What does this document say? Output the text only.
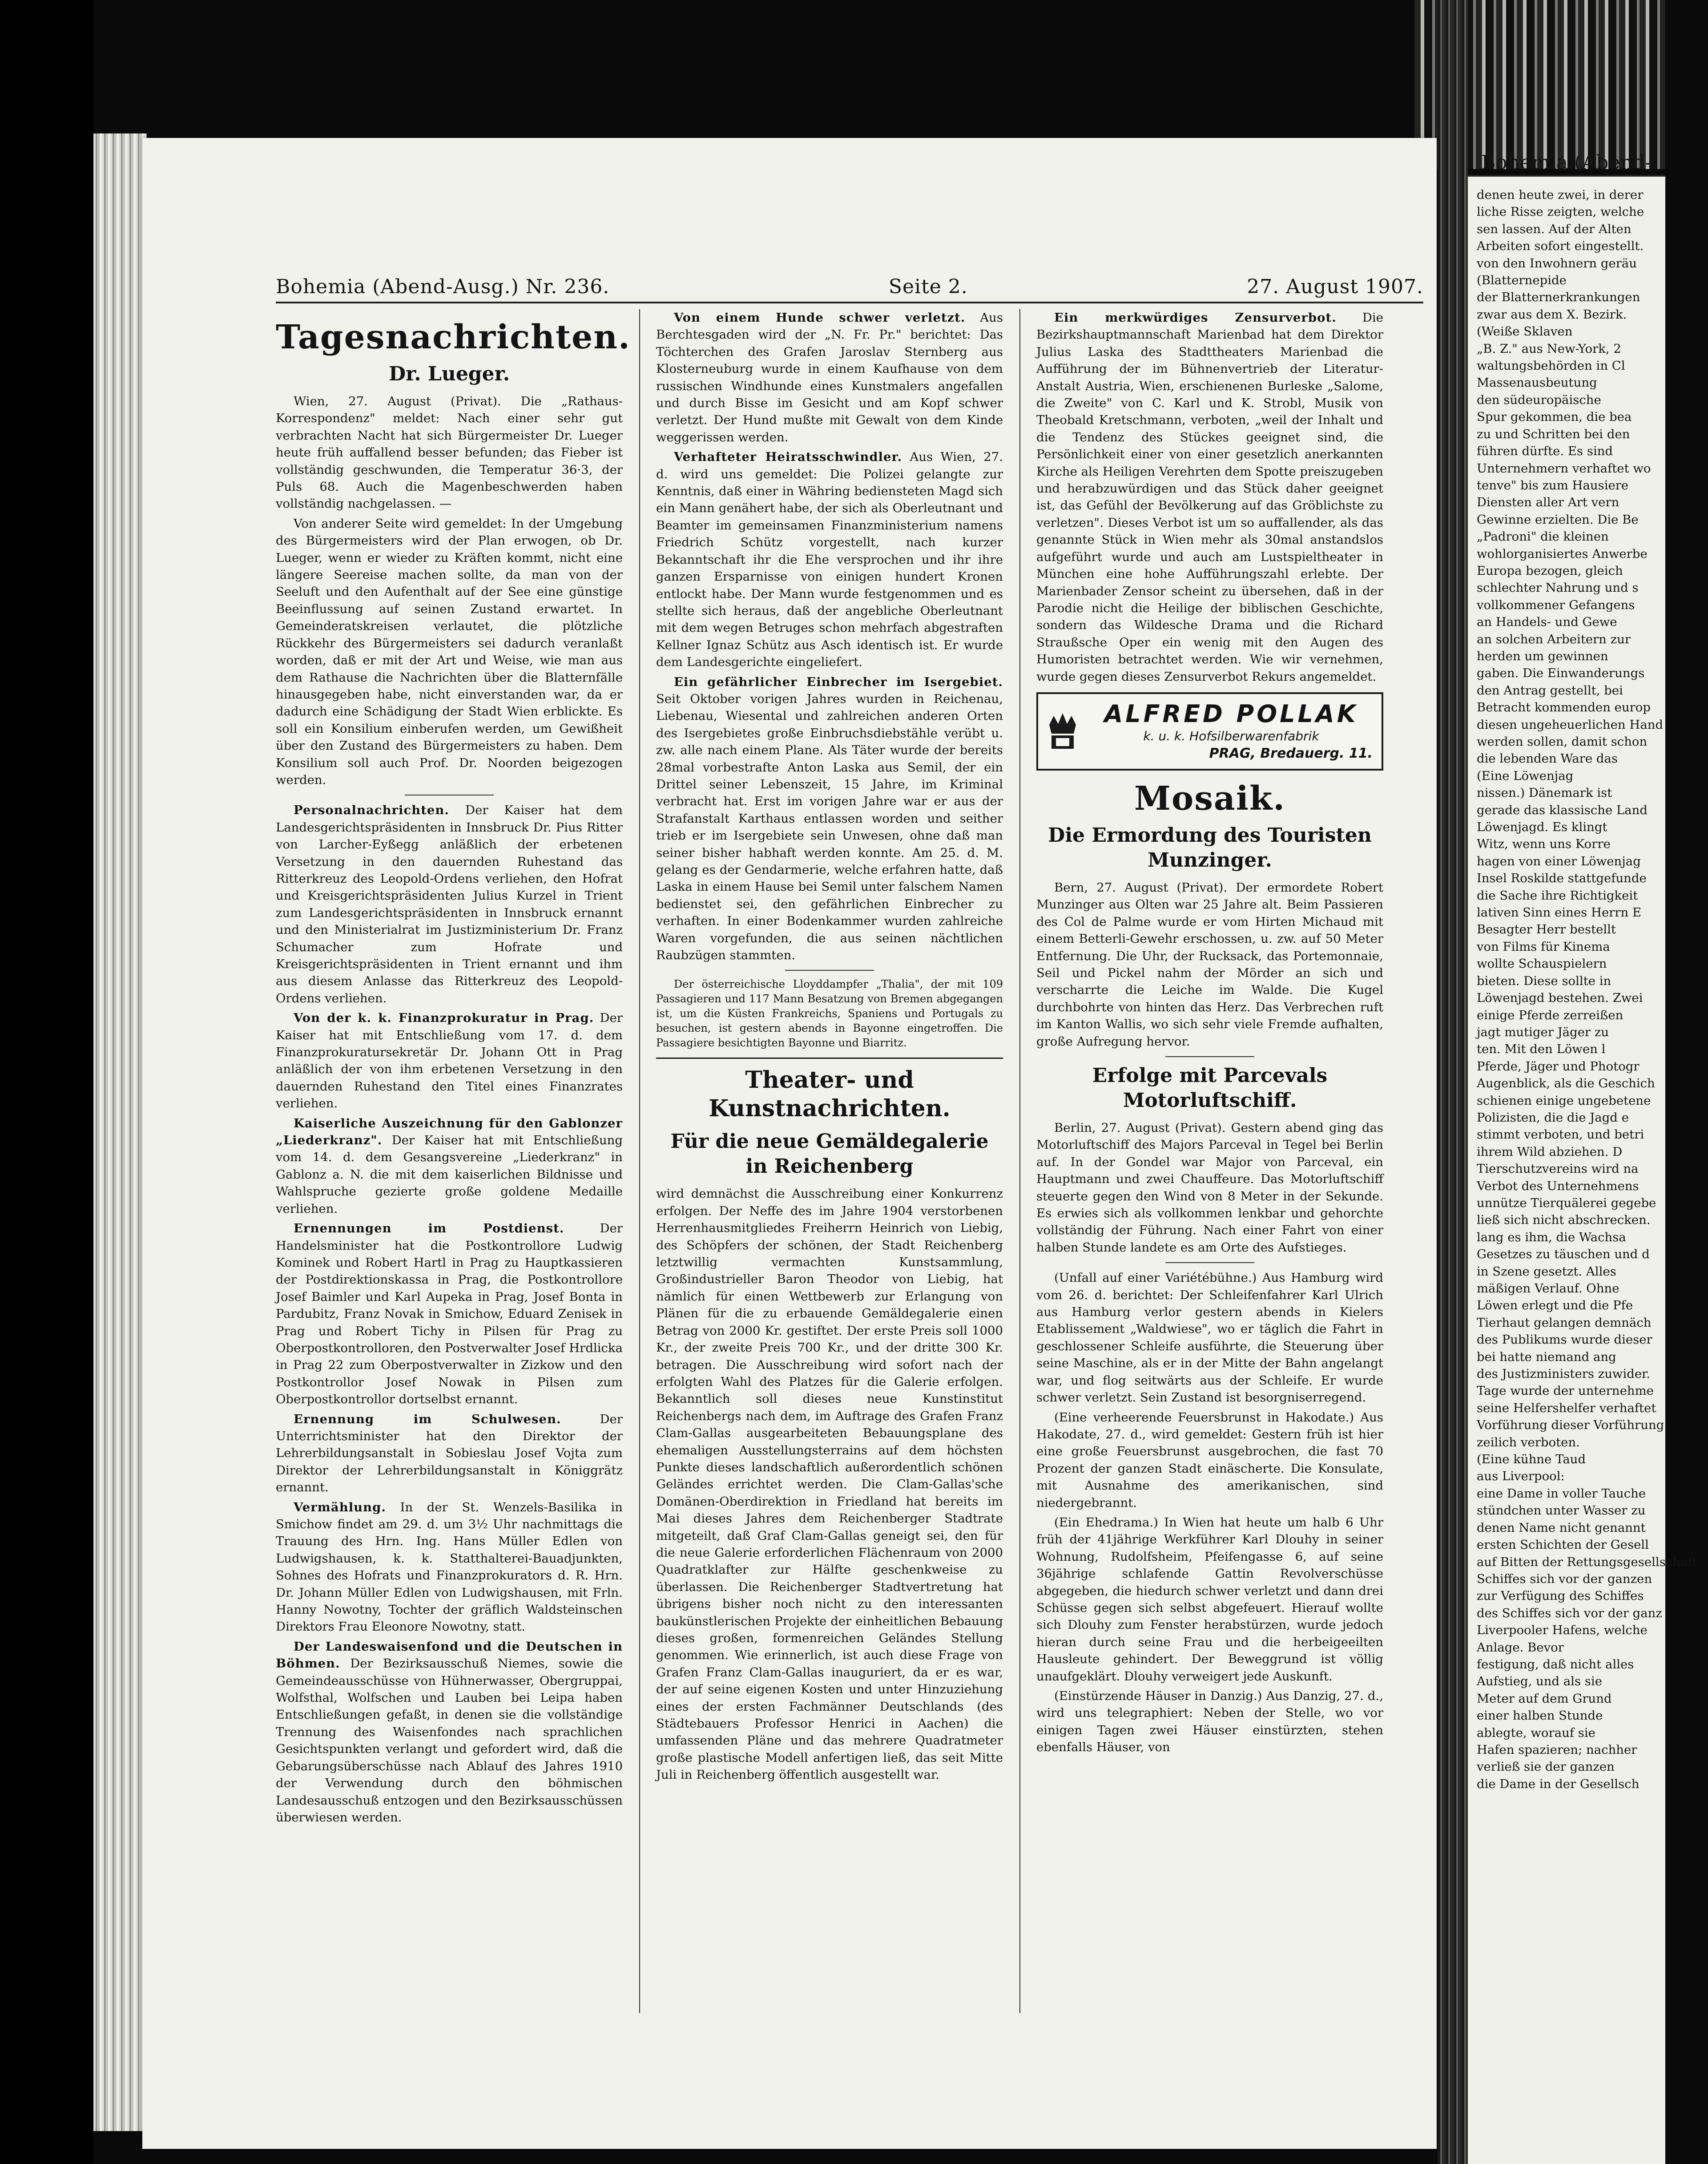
denen heute zwei, in derer
liche Risse zeigten, welche
sen lassen. Auf der Alten
Arbeiten sofort eingestellt.
von den Inwohnern geräu
(Blatternepide
der Blatternerkrankungen
zwar aus dem X. Bezirk.
(Weiße Sklaven
„B. Z." aus New-York, 2
waltungsbehörden in Cl
Massenausbeutung
den südeuropäische
Spur gekommen, die bea
zu und Schritten bei den
führen dürfte. Es sind
Unternehmern verhaftet wo
tenve" bis zum Hausiere
Diensten aller Art vern
Gewinne erzielten. Die Be
„Padroni" die kleinen
wohlorganisiertes Anwerbe
Europa bezogen, gleich
schlechter Nahrung und s
vollkommener Gefangens
an Handels- und Gewe
an solchen Arbeitern zur
herden um gewinnen
gaben. Die Einwanderungs
den Antrag gestellt, bei
Betracht kommenden europ
diesen ungeheuerlichen Hand
werden sollen, damit schon
die lebenden Ware das
(Eine Löwenjag
nissen.) Dänemark ist
gerade das klassische Land
Löwenjagd. Es klingt
Witz, wenn uns Korre
hagen von einer Löwenjag
Insel Roskilde stattgefunde
die Sache ihre Richtigkeit
lativen Sinn eines Herrn E
Besagter Herr bestellt
von Films für Kinema
wollte Schauspielern
bieten. Diese sollte in
Löwenjagd bestehen. Zwei
einige Pferde zerreißen
jagt mutiger Jäger zu
ten. Mit den Löwen l
Pferde, Jäger und Photogr
Augenblick, als die Geschich
schienen einige ungebetene
Polizisten, die die Jagd e
stimmt verboten, und betri
ihrem Wild abziehen. D
Tierschutzvereins wird na
Verbot des Unternehmens
unnütze Tierquälerei gegebe
ließ sich nicht abschrecken.
lang es ihm, die Wachsa
Gesetzes zu täuschen und d
in Szene gesetzt. Alles
mäßigen Verlauf. Ohne
Löwen erlegt und die Pfe
Tierhaut gelangen demnäch
des Publikums wurde dieser
bei hatte niemand ang
des Justizministers zuwider.
Tage wurde der unternehme
seine Helfershelfer verhaftet
Vorführung dieser Vorführung
zeilich verboten.
(Eine kühne Taud
aus Liverpool:
eine Dame in voller Tauche
stündchen unter Wasser zu
denen Name nicht genannt
ersten Schichten der Gesell
auf Bitten der Rettungsgesellschaft
Schiffes sich vor der ganzen
zur Verfügung des Schiffes
des Schiffes sich vor der ganz
Liverpooler Hafens, welche
Anlage. Bevor
festigung, daß nicht alles
Aufstieg, und als sie
Meter auf dem Grund
einer halben Stunde
ablegte, worauf sie
Hafen spazieren; nachher
verließ sie der ganzen
die Dame in der Gesellsch
Bohemia (Abend-
Bohemia (Abend-Ausg.) Nr. 236.	Seite 2.	27. August 1907.
Tagesnachrichten.
Dr. Lueger.

Wien, 27. August (Privat). Die „Rathaus-Korrespondenz" meldet: Nach einer sehr gut verbrachten Nacht hat sich Bürgermeister Dr. Lueger heute früh auffallend besser befunden; das Fieber ist vollständig geschwunden, die Temperatur 36·3, der Puls 68. Auch die Magenbeschwerden haben vollständig nachgelassen. —

Von anderer Seite wird gemeldet: In der Umgebung des Bürgermeisters wird der Plan erwogen, ob Dr. Lueger, wenn er wieder zu Kräften kommt, nicht eine längere Seereise machen sollte, da man von der Seeluft und den Aufenthalt auf der See eine günstige Beeinflussung auf seinen Zustand erwartet. In Gemeinderatskreisen verlautet, die plötzliche Rückkehr des Bürgermeisters sei dadurch veranlaßt worden, daß er mit der Art und Weise, wie man aus dem Rathause die Nachrichten über die Blatternfälle hinausgegeben habe, nicht einverstanden war, da er dadurch eine Schädigung der Stadt Wien erblickte. Es soll ein Konsilium einberufen werden, um Gewißheit über den Zustand des Bürgermeisters zu haben. Dem Konsilium soll auch Prof. Dr. Noorden beigezogen werden.

Personalnachrichten. Der Kaiser hat dem Landesgerichtspräsidenten in Innsbruck Dr. Pius Ritter von Larcher-Eyßegg anläßlich der erbetenen Versetzung in den dauernden Ruhestand das Ritterkreuz des Leopold-Ordens verliehen, den Hofrat und Kreisgerichtspräsidenten Julius Kurzel in Trient zum Landesgerichtspräsidenten in Innsbruck ernannt und den Ministerialrat im Justizministerium Dr. Franz Schumacher zum Hofrate und Kreisgerichtspräsidenten in Trient ernannt und ihm aus diesem Anlasse das Ritterkreuz des Leopold-Ordens verliehen.

Von der k. k. Finanzprokuratur in Prag. Der Kaiser hat mit Entschließung vom 17. d. dem Finanzprokuratursekretär Dr. Johann Ott in Prag anläßlich der von ihm erbetenen Versetzung in den dauernden Ruhestand den Titel eines Finanzrates verliehen.

Kaiserliche Auszeichnung für den Gablonzer „Liederkranz". Der Kaiser hat mit Entschließung vom 14. d. dem Gesangsvereine „Liederkranz" in Gablonz a. N. die mit dem kaiserlichen Bildnisse und Wahlspruche gezierte große goldene Medaille verliehen.

Ernennungen im Postdienst.	Der Handelsminister hat die Postkontrollore Ludwig Kominek und Robert Hartl in Prag zu Hauptkassieren der Postdirektionskassa in Prag, die Postkontrollore Josef Baimler und Karl Aupeka in Prag, Josef Bonta in Pardubitz, Franz Novak in Smichow, Eduard Zenisek in Prag und Robert Tichy in Pilsen für Prag zu Oberpostkontrolloren, den Postverwalter Josef Hrdlicka in Prag 22 zum Oberpostverwalter in Zizkow und den Postkontrollor Josef Nowak in Pilsen zum Oberpostkontrollor dortselbst ernannt.

Ernennung im Schulwesen.	Der Unterrichtsminister hat den Direktor der Lehrerbildungsanstalt in Sobieslau Josef Vojta zum Direktor der Lehrerbildungsanstalt in Königgrätz ernannt.

Vermählung. In der St. Wenzels-Basilika in Smichow findet am 29. d. um 3½ Uhr nachmittags die Trauung des Hrn. Ing. Hans Müller Edlen von Ludwigshausen, k. k. Statthalterei-Bauadjunkten, Sohnes des Hofrats und Finanzprokurators d. R. Hrn. Dr. Johann Müller Edlen von Ludwigshausen, mit Frln. Hanny Nowotny, Tochter der gräflich Waldsteinschen Direktors Frau Eleonore Nowotny, statt.

Der Landeswaisenfond und die Deutschen in Böhmen. Der Bezirksausschuß Niemes, sowie die Gemeindeausschüsse von Hühnerwasser, Obergruppai, Wolfsthal, Wolfschen und Lauben bei Leipa haben Entschließungen gefaßt, in denen sie die vollständige Trennung des Waisenfondes nach sprachlichen Gesichtspunkten verlangt und gefordert wird, daß die Gebarungsüberschüsse nach Ablauf des Jahres 1910 der Verwendung durch den böhmischen Landesausschuß entzogen und den Bezirksausschüssen überwiesen werden.

Von einem Hunde schwer verletzt. Aus Berchtesgaden wird der „N. Fr. Pr." berichtet: Das Töchterchen des Grafen Jaroslav Sternberg aus Klosterneuburg wurde in einem Kaufhause von dem russischen Windhunde eines Kunstmalers angefallen und durch Bisse im Gesicht und am Kopf schwer verletzt. Der Hund mußte mit Gewalt von dem Kinde weggerissen werden.

Verhafteter Heiratsschwindler. Aus Wien, 27. d. wird uns gemeldet: Die Polizei gelangte zur Kenntnis, daß einer in Währing bediensteten Magd sich ein Mann genähert habe, der sich als Oberleutnant und Beamter im gemeinsamen Finanzministerium namens Friedrich Schütz vorgestellt, nach kurzer Bekanntschaft ihr die Ehe versprochen und ihr ihre ganzen Ersparnisse von einigen hundert Kronen entlockt habe. Der Mann wurde festgenommen und es stellte sich heraus, daß der angebliche Oberleutnant mit dem wegen Betruges schon mehrfach abgestraften Kellner Ignaz Schütz aus Asch identisch ist. Er wurde dem Landesgerichte eingeliefert.

Ein gefährlicher Einbrecher im Isergebiet. Seit Oktober vorigen Jahres wurden in Reichenau, Liebenau, Wiesental und zahlreichen anderen Orten des Isergebietes große Einbruchsdiebstähle verübt u. zw. alle nach einem Plane. Als Täter wurde der bereits 28mal vorbestrafte Anton Laska aus Semil, der ein Drittel seiner Lebenszeit, 15 Jahre, im Kriminal verbracht hat. Erst im vorigen Jahre war er aus der Strafanstalt Karthaus entlassen worden und seither trieb er im Isergebiete sein Unwesen, ohne daß man seiner bisher habhaft werden konnte. Am 25. d. M. gelang es der Gendarmerie, welche erfahren hatte, daß Laska in einem Hause bei Semil unter falschem Namen bedienstet sei, den gefährlichen Einbrecher zu verhaften. In einer Bodenkammer wurden zahlreiche Waren vorgefunden, die aus seinen nächtlichen Raubzügen stammten.

Der österreichische Lloyddampfer „Thalia", der mit 109 Passagieren und 117 Mann Besatzung von Bremen abgegangen ist, um die Küsten Frankreichs, Spaniens und Portugals zu besuchen, ist gestern abends in Bayonne eingetroffen. Die Passagiere besichtigten Bayonne und Biarritz.

Theater- und Kunstnachrichten.
Für die neue Gemäldegalerie
in Reichenberg

wird demnächst die Ausschreibung einer Konkurrenz erfolgen. Der Neffe des im Jahre 1904 verstorbenen Herrenhausmitgliedes Freiherrn Heinrich von Liebig, des Schöpfers der schönen, der Stadt Reichenberg letztwillig vermachten Kunstsammlung, Großindustrieller Baron Theodor von Liebig, hat nämlich für einen Wettbewerb zur Erlangung von Plänen für die zu erbauende Gemäldegalerie einen Betrag von 2000 Kr. gestiftet. Der erste Preis soll 1000 Kr., der zweite Preis 700 Kr., und der dritte 300 Kr. betragen. Die Ausschreibung wird sofort nach der erfolgten Wahl des Platzes für die Galerie erfolgen. Bekanntlich soll dieses neue Kunstinstitut Reichenbergs nach dem, im Auftrage des Grafen Franz Clam-Gallas ausgearbeiteten Bebauungsplane des ehemaligen Ausstellungsterrains auf dem höchsten Punkte dieses landschaftlich außerordentlich schönen Geländes errichtet werden. Die Clam-Gallas'sche Domänen-Oberdirektion in Friedland hat bereits im Mai dieses Jahres dem Reichenberger Stadtrate mitgeteilt, daß Graf Clam-Gallas geneigt sei, den für die neue Galerie erforderlichen Flächenraum von 2000 Quadratklafter zur Hälfte geschenkweise zu überlassen. Die Reichenberger Stadtvertretung hat übrigens bisher noch nicht zu den interessanten baukünstlerischen Projekte der einheitlichen Bebauung dieses großen, formenreichen Geländes Stellung genommen. Wie erinnerlich, ist auch diese Frage von Grafen Franz Clam-Gallas inauguriert, da er es war, der auf seine eigenen Kosten und unter Hinzuziehung eines der ersten Fachmänner Deutschlands (des Städtebauers Professor Henrici in Aachen) die umfassenden Pläne und das mehrere Quadratmeter große plastische Modell anfertigen ließ, das seit Mitte Juli in Reichenberg öffentlich ausgestellt war.

Ein merkwürdiges Zensurverbot. Die Bezirkshauptmannschaft Marienbad hat dem Direktor Julius Laska des Stadttheaters Marienbad die Aufführung der im Bühnenvertrieb der Literatur-Anstalt Austria, Wien, erschienenen Burleske „Salome, die Zweite" von C. Karl und K. Strobl, Musik von Theobald Kretschmann, verboten, „weil der Inhalt und die Tendenz des Stückes geeignet sind, die Persönlichkeit einer von einer gesetzlich anerkannten Kirche als Heiligen Verehrten dem Spotte preiszugeben und herabzuwürdigen und das Stück daher geeignet ist, das Gefühl der Bevölkerung auf das Gröblichste zu verletzen". Dieses Verbot ist um so auffallender, als das genannte Stück in Wien mehr als 30mal anstandslos aufgeführt wurde und auch am Lustspieltheater in München eine hohe Aufführungszahl erlebte. Der Marienbader Zensor scheint zu übersehen, daß in der Parodie nicht die Heilige der biblischen Geschichte, sondern das Wildesche Drama und die Richard Straußsche Oper ein wenig mit den Augen des Humoristen betrachtet werden. Wie wir vernehmen, wurde gegen dieses Zensurverbot Rekurs angemeldet.

ALFRED POLLAK
k. u. k. Hofsilberwarenfabrik
PRAG, Bredauerg. 11.
Mosaik.
Die Ermordung des Touristen Munzinger.

Bern, 27. August (Privat). Der ermordete Robert Munzinger aus Olten war 25 Jahre alt. Beim Passieren des Col de Palme wurde er vom Hirten Michaud mit einem Betterli-Gewehr erschossen, u. zw. auf 50 Meter Entfernung. Die Uhr, der Rucksack, das Portemonnaie, Seil und Pickel nahm der Mörder an sich und verscharrte die Leiche im Walde. Die Kugel durchbohrte von hinten das Herz. Das Verbrechen ruft im Kanton Wallis, wo sich sehr viele Fremde aufhalten, große Aufregung hervor.

Erfolge mit Parcevals Motorluftschiff.

Berlin, 27. August (Privat). Gestern abend ging das Motorluftschiff des Majors Parceval in Tegel bei Berlin auf. In der Gondel war Major von Parceval, ein Hauptmann und zwei Chauffeure. Das Motorluftschiff steuerte gegen den Wind von 8 Meter in der Sekunde. Es erwies sich als vollkommen lenkbar und gehorchte vollständig der Führung. Nach einer Fahrt von einer halben Stunde landete es am Orte des Aufstieges.

(Unfall auf einer Variétébühne.) Aus Hamburg wird vom 26. d. berichtet: Der Schleifenfahrer Karl Ulrich aus Hamburg verlor gestern abends in Kielers Etablissement „Waldwiese", wo er täglich die Fahrt in geschlossener Schleife ausführte, die Steuerung über seine Maschine, als er in der Mitte der Bahn angelangt war, und flog seitwärts aus der Schleife. Er wurde schwer verletzt. Sein Zustand ist besorgniserregend.

(Eine verheerende Feuersbrunst in Hakodate.) Aus Hakodate, 27. d., wird gemeldet: Gestern früh ist hier eine große Feuersbrunst ausgebrochen, die fast 70 Prozent der ganzen Stadt einäscherte. Die Konsulate, mit Ausnahme des amerikanischen, sind niedergebrannt.

(Ein Ehedrama.) In Wien hat heute um halb 6 Uhr früh der 41jährige Werkführer Karl Dlouhy in seiner Wohnung, Rudolfsheim, Pfeifengasse 6, auf seine 36jährige schlafende Gattin Revolverschüsse abgegeben, die hiedurch schwer verletzt und dann drei Schüsse gegen sich selbst abgefeuert. Hierauf wollte sich Dlouhy zum Fenster herabstürzen, wurde jedoch hieran durch seine Frau und die herbeigeeilten Hausleute gehindert. Der Beweggrund ist völlig unaufgeklärt. Dlouhy verweigert jede Auskunft.

(Einstürzende Häuser in Danzig.) Aus Danzig, 27. d., wird uns telegraphiert: Neben der Stelle, wo vor einigen Tagen zwei Häuser einstürzten, stehen ebenfalls Häuser, von
